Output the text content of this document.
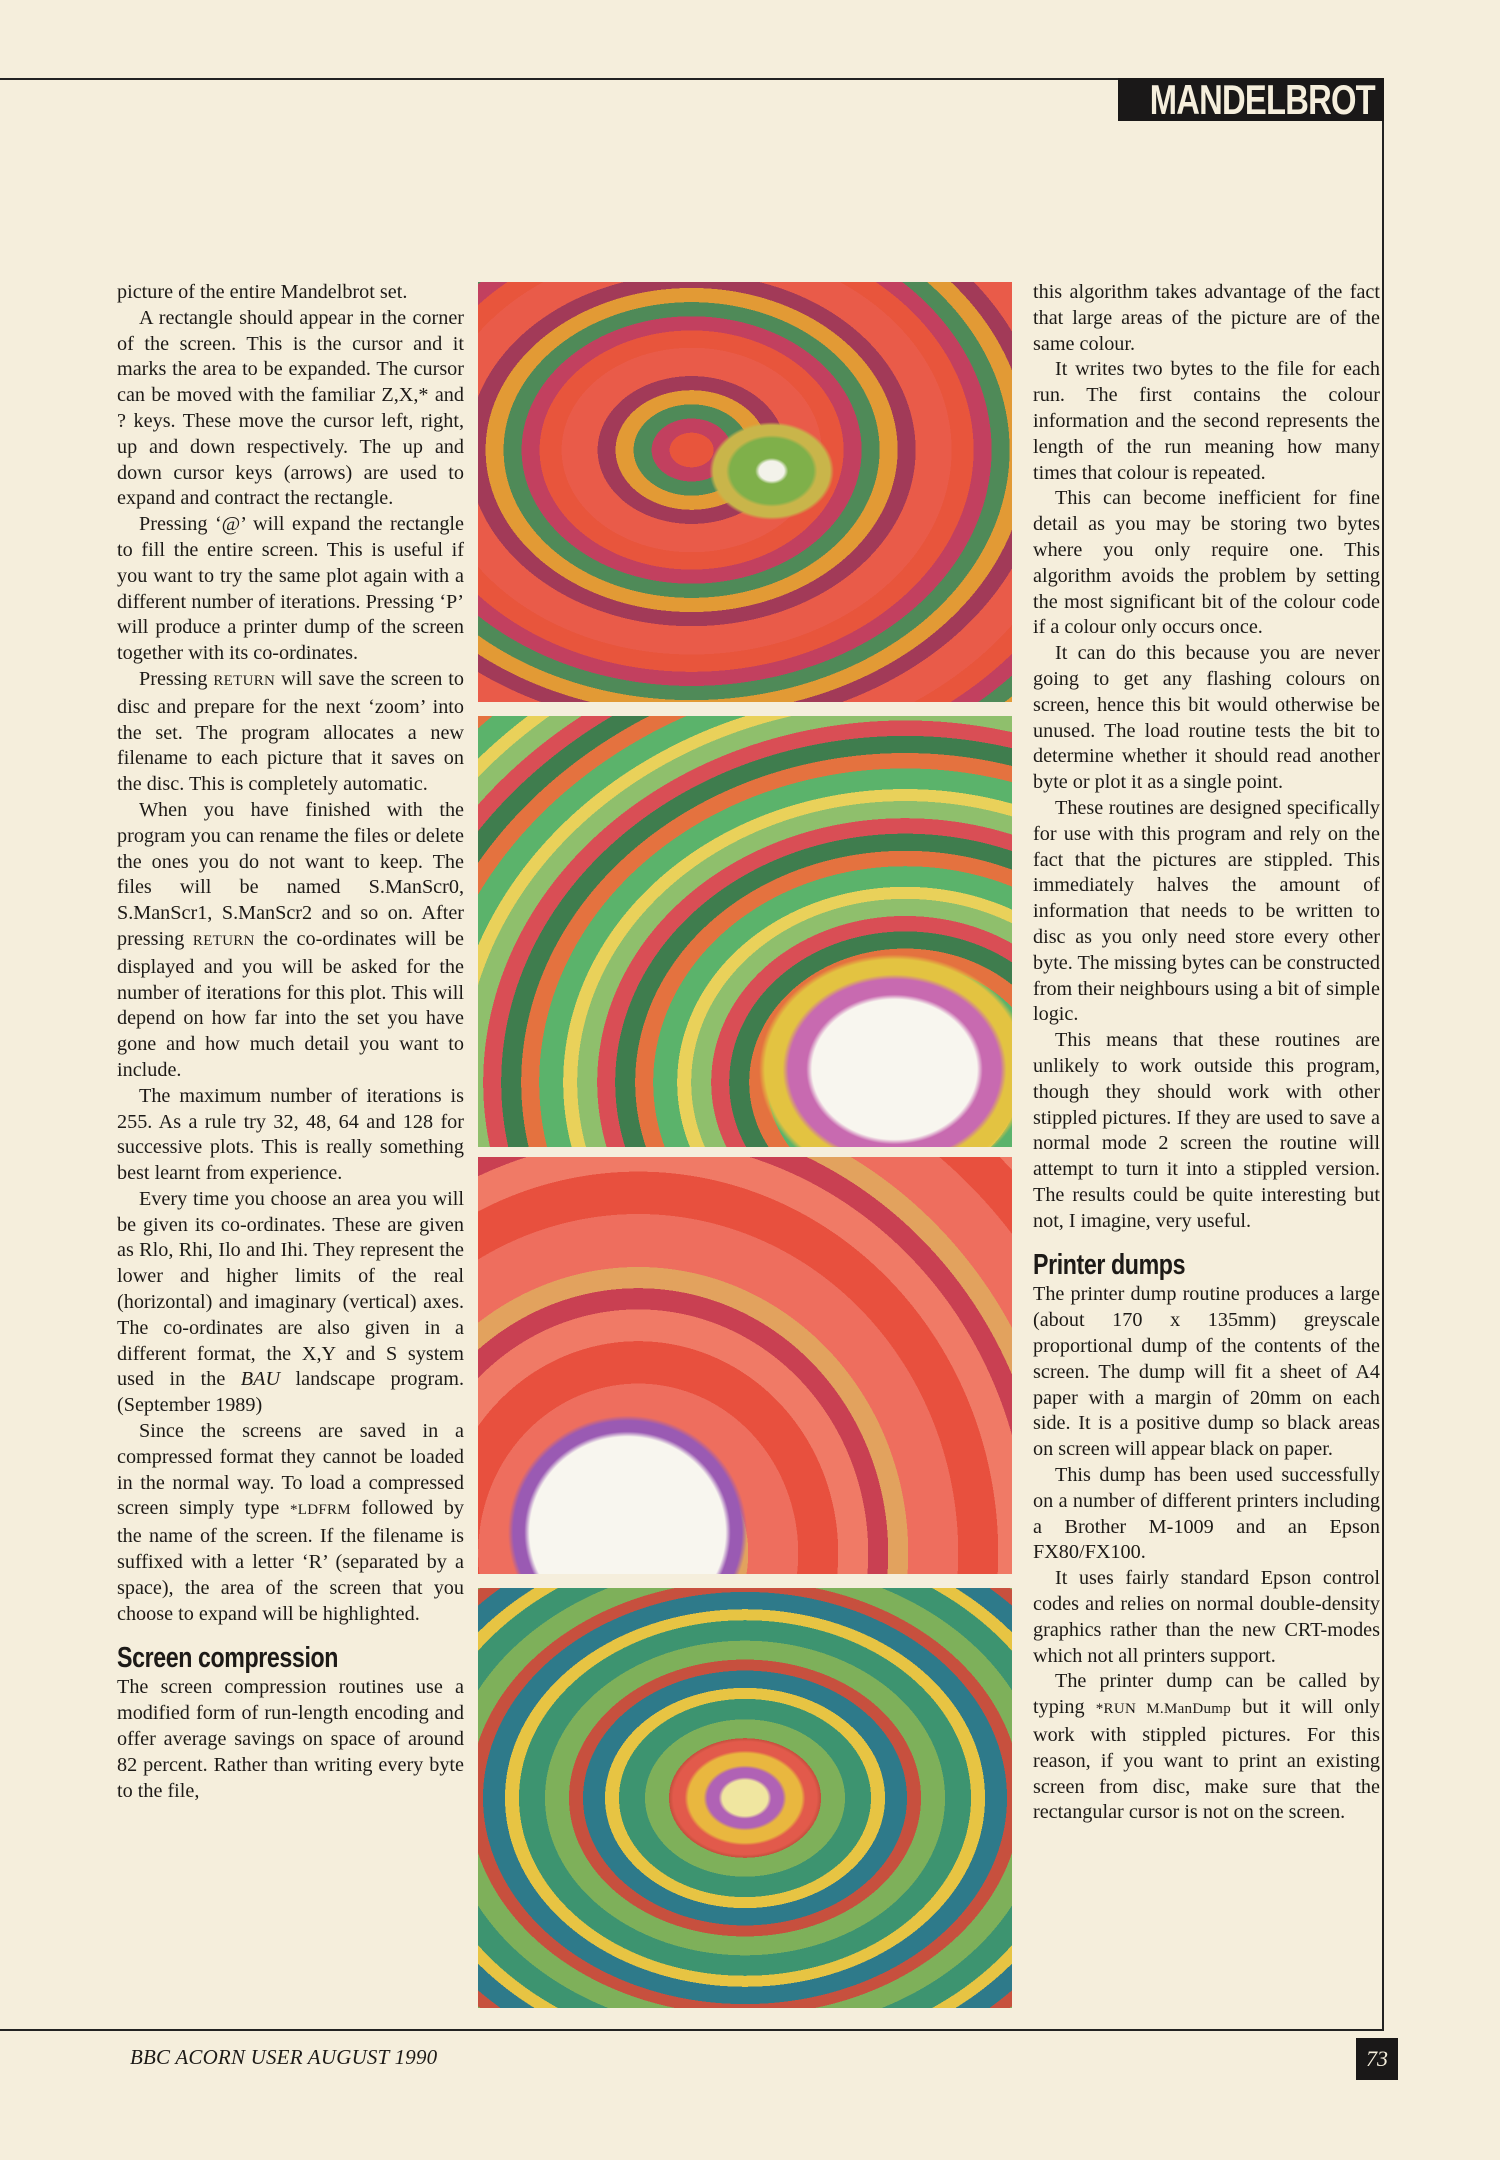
MANDELBROT

picture of the entire Mandelbrot set.

A rectangle should appear in the corner of the screen. This is the cursor and it marks the area to be expanded. The cursor can be moved with the familiar Z,X,* and ? keys. These move the cursor left, right, up and down respectively. The up and down cursor keys (arrows) are used to expand and contract the rectangle.

Pressing ‘@’ will expand the rectangle to fill the entire screen. This is useful if you want to try the same plot again with a different number of iterations. Pressing ‘P’ will produce a printer dump of the screen together with its co-ordinates.

Pressing RETURN will save the screen to disc and prepare for the next ‘zoom’ into the set. The program allocates a new filename to each picture that it saves on the disc. This is completely automatic.

When you have finished with the program you can rename the files or delete the ones you do not want to keep. The files will be named S.ManScr0, S.ManScr1, S.ManScr2 and so on. After pressing RETURN the co-ordinates will be displayed and you will be asked for the number of iterations for this plot. This will depend on how far into the set you have gone and how much detail you want to include.

The maximum number of iterations is 255. As a rule try 32, 48, 64 and 128 for successive plots. This is really something best learnt from experience.

Every time you choose an area you will be given its co-ordinates. These are given as Rlo, Rhi, Ilo and Ihi. They represent the lower and higher limits of the real (horizontal) and imaginary (vertical) axes. The co-ordinates are also given in a different format, the X,Y and S system used in the BAU landscape program. (September 1989)

Since the screens are saved in a compressed format they cannot be loaded in the normal way. To load a compressed screen simply type *LDFRM followed by the name of the screen. If the filename is suffixed with a letter ‘R’ (separated by a space), the area of the screen that you choose to expand will be highlighted.

Screen compression

The screen compression routines use a modified form of run-length encoding and offer average savings on space of around 82 percent. Rather than writing every byte to the file,

this algorithm takes advantage of the fact that large areas of the picture are of the same colour.

It writes two bytes to the file for each run. The first contains the colour information and the second represents the length of the run meaning how many times that colour is repeated.

This can become inefficient for fine detail as you may be storing two bytes where you only require one. This algorithm avoids the problem by setting the most significant bit of the colour code if a colour only occurs once.

It can do this because you are never going to get any flashing colours on screen, hence this bit would otherwise be unused. The load routine tests the bit to determine whether it should read another byte or plot it as a single point.

These routines are designed specifically for use with this program and rely on the fact that the pictures are stippled. This immediately halves the amount of information that needs to be written to disc as you only need store every other byte. The missing bytes can be constructed from their neighbours using a bit of simple logic.

This means that these routines are unlikely to work outside this program, though they should work with other stippled pictures. If they are used to save a normal mode 2 screen the routine will attempt to turn it into a stippled version. The results could be quite interesting but not, I imagine, very useful.

Printer dumps

The printer dump routine produces a large (about 170 x 135mm) greyscale proportional dump of the contents of the screen. The dump will fit a sheet of A4 paper with a margin of 20mm on each side. It is a positive dump so black areas on screen will appear black on paper.

This dump has been used successfully on a number of different printers including a Brother M-1009 and an Epson FX80/FX100.

It uses fairly standard Epson control codes and relies on normal double-density graphics rather than the new CRT-modes which not all printers support.

The printer dump can be called by typing *RUN M.ManDump but it will only work with stippled pictures. For this reason, if you want to print an existing screen from disc, make sure that the rectangular cursor is not on the screen.

BBC ACORN USER AUGUST 1990	73
